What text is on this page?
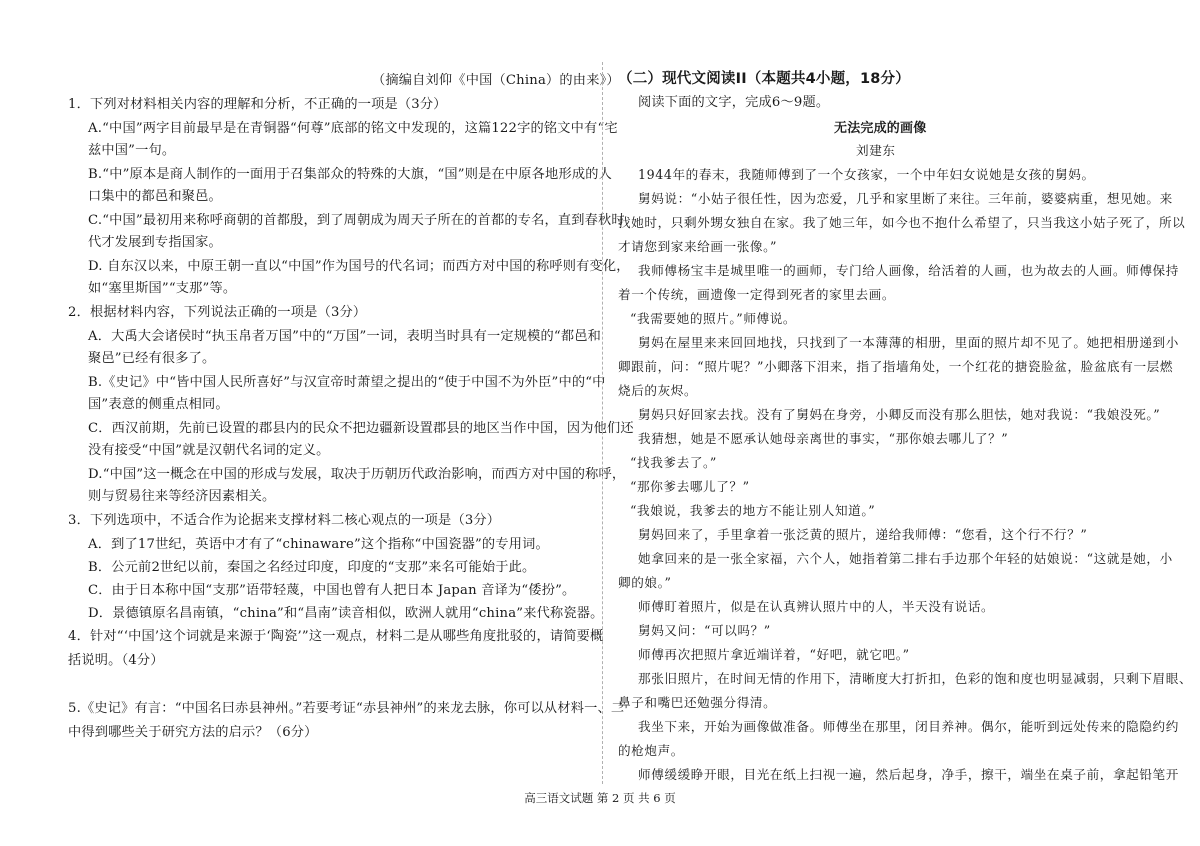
（摘编自刘仰《中国（China）的由来》）
1．下列对材料相关内容的理解和分析，不正确的一项是（3分）
A.“中国”两字目前最早是在青铜器“何尊”底部的铭文中发现的，这篇122字的铭文中有“宅
兹中国”一句。
B.“中”原本是商人制作的一面用于召集部众的特殊的大旗，“国”则是在中原各地形成的人
口集中的都邑和聚邑。
C.“中国”最初用来称呼商朝的首都殷，到了周朝成为周天子所在的首都的专名，直到春秋时
代才发展到专指国家。
D. 自东汉以来，中原王朝一直以“中国”作为国号的代名词；而西方对中国的称呼则有变化，
如“塞里斯国”“支那”等。
2．根据材料内容，下列说法正确的一项是（3分）
A．大禹大会诸侯时“执玉帛者万国”中的“万国”一词，表明当时具有一定规模的“都邑和
聚邑”已经有很多了。
B.《史记》中“皆中国人民所喜好”与汉宣帝时萧望之提出的“使于中国不为外臣”中的“中
国”表意的侧重点相同。
C．西汉前期，先前已设置的郡县内的民众不把边疆新设置郡县的地区当作中国，因为他们还
没有接受“中国”就是汉朝代名词的定义。
D.“中国”这一概念在中国的形成与发展，取决于历朝历代政治影响，而西方对中国的称呼，
则与贸易往来等经济因素相关。
3．下列选项中，不适合作为论据来支撑材料二核心观点的一项是（3分）
A．到了17世纪，英语中才有了“chinaware”这个指称“中国瓷器”的专用词。
B．公元前2世纪以前，秦国之名经过印度，印度的“支那”来名可能始于此。
C．由于日本称中国“支那”语带轻蔑，中国也曾有人把日本 Japan 音译为“倭扮”。
D．景德镇原名昌南镇，“china”和“昌南”读音相似，欧洲人就用“china”来代称瓷器。
4．针对“‘中国’这个词就是来源于‘陶瓷’”这一观点，材料二是从哪些角度批驳的，请简要概
括说明。（4分）
5.《史记》有言：“中国名曰赤县神州。”若要考证“赤县神州”的来龙去脉，你可以从材料一、二
中得到哪些关于研究方法的启示？（6分）
（二）现代文阅读II（本题共4小题，18分）
阅读下面的文字，完成6～9题。
无法完成的画像
刘建东
1944年的春末，我随师傅到了一个女孩家，一个中年妇女说她是女孩的舅妈。
舅妈说：“小姑子很任性，因为恋爱，几乎和家里断了来往。三年前，婆婆病重，想见她。来
找她时，只剩外甥女独自在家。我了她三年，如今也不抱什么希望了，只当我这小姑子死了，所以
才请您到家来给画一张像。”
我师傅杨宝丰是城里唯一的画师，专门给人画像，给活着的人画，也为故去的人画。师傅保持
着一个传统，画遗像一定得到死者的家里去画。
“我需要她的照片。”师傅说。
舅妈在屋里来来回回地找，只找到了一本薄薄的相册，里面的照片却不见了。她把相册递到小
卿跟前，问：“照片呢？”小卿落下泪来，指了指墙角处，一个红花的搪瓷脸盆，脸盆底有一层燃
烧后的灰烬。
舅妈只好回家去找。没有了舅妈在身旁，小卿反而没有那么胆怯，她对我说：“我娘没死。”
我猜想，她是不愿承认她母亲离世的事实，“那你娘去哪儿了？”
“找我爹去了。”
“那你爹去哪儿了？”
“我娘说，我爹去的地方不能让别人知道。”
舅妈回来了，手里拿着一张泛黄的照片，递给我师傅：“您看，这个行不行？”
她拿回来的是一张全家福，六个人，她指着第二排右手边那个年轻的姑娘说：“这就是她，小
卿的娘。”
师傅盯着照片，似是在认真辨认照片中的人，半天没有说话。
舅妈又问：“可以吗？”
师傅再次把照片拿近端详着，“好吧，就它吧。”
那张旧照片，在时间无情的作用下，清晰度大打折扣，色彩的饱和度也明显减弱，只剩下眉眼、
鼻子和嘴巴还勉强分得清。
我坐下来，开始为画像做准备。师傅坐在那里，闭目养神。偶尔，能听到远处传来的隐隐约约
的枪炮声。
师傅缓缓睁开眼，目光在纸上扫视一遍，然后起身，净手，擦干，端坐在桌子前，拿起铅笔开
高三语文试题 第 2 页 共 6 页
